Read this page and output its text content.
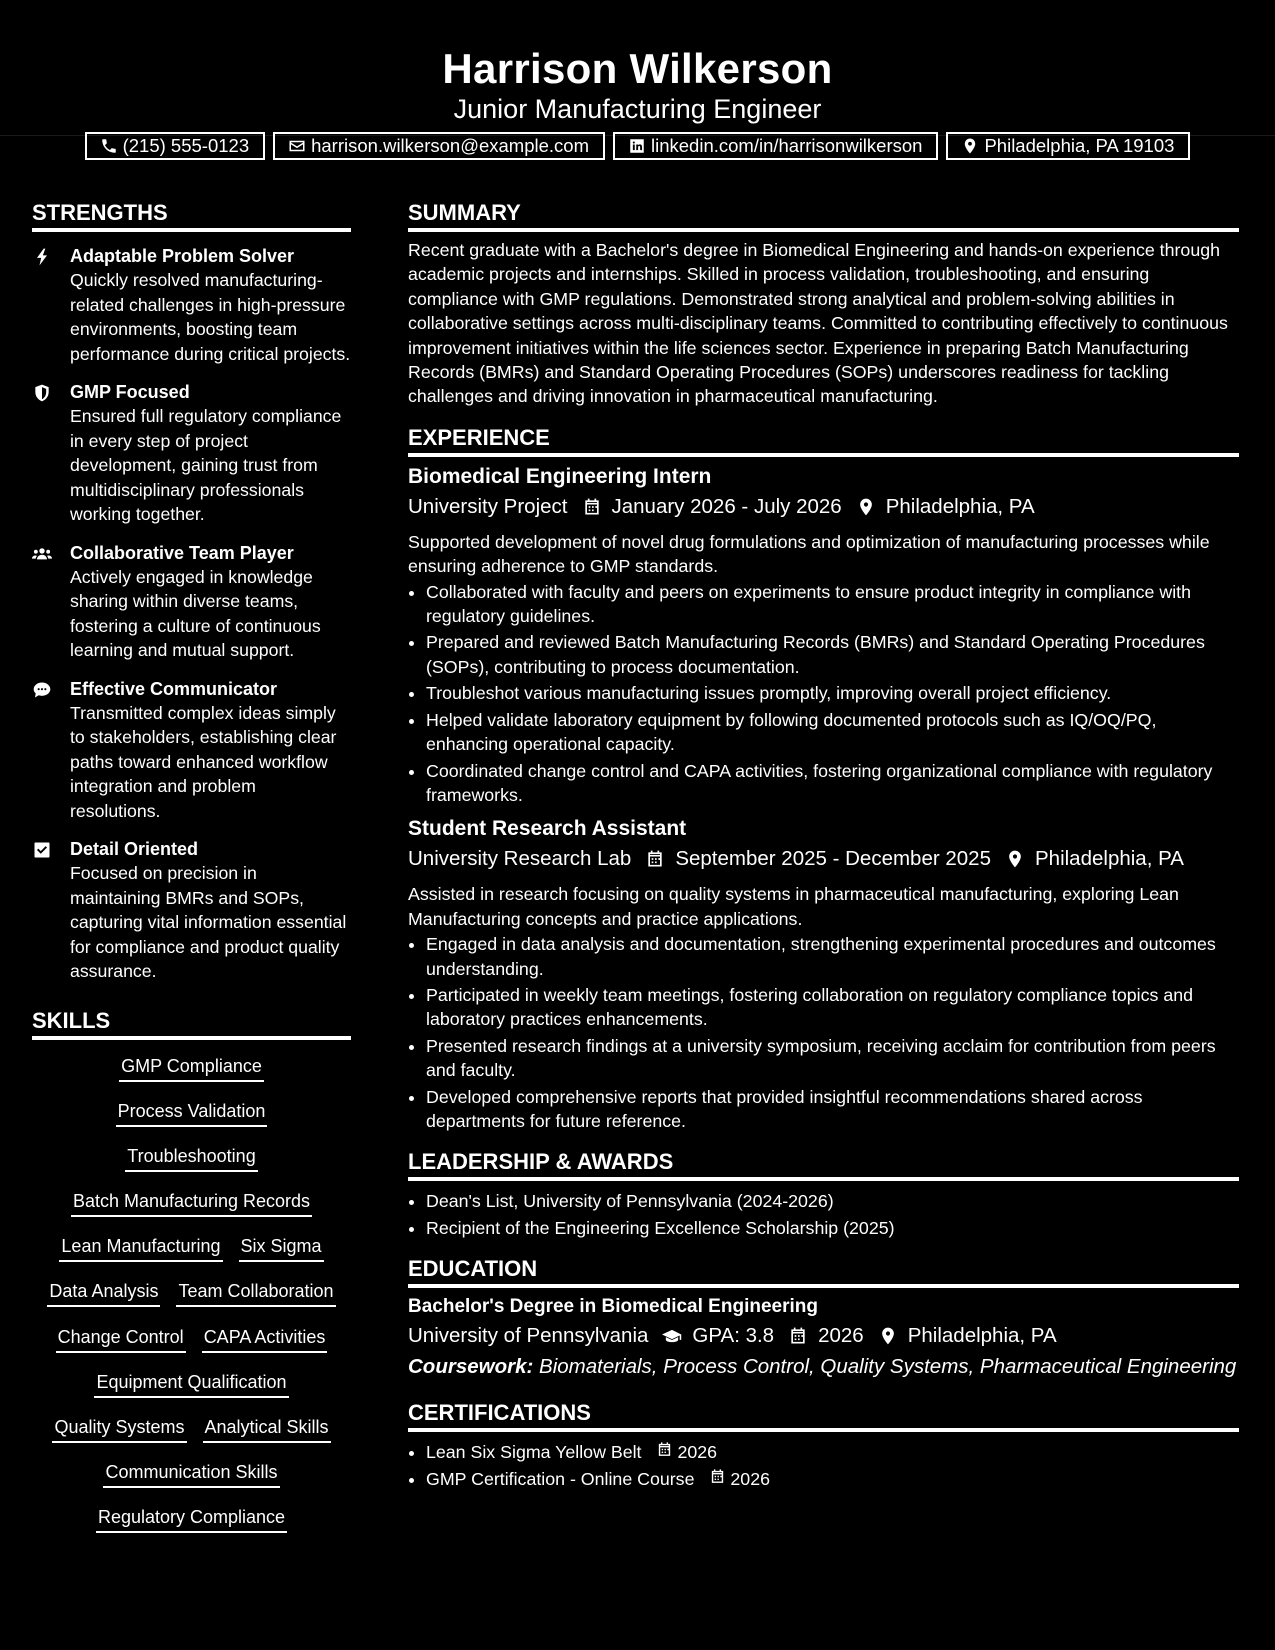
Harrison Wilkerson
Junior Manufacturing Engineer
(215) 555-0123	harrison.wilkerson@example.com	linkedin.com/in/harrisonwilkerson	Philadelphia, PA 19103
STRENGTHS
Adaptable Problem Solver
Quickly resolved manufacturing-related challenges in high-pressure environments, boosting team performance during critical projects.
GMP Focused
Ensured full regulatory compliance in every step of project development, gaining trust from multidisciplinary professionals working together.
Collaborative Team Player
Actively engaged in knowledge sharing within diverse teams, fostering a culture of continuous learning and mutual support.
Effective Communicator
Transmitted complex ideas simply to stakeholders, establishing clear paths toward enhanced workflow integration and problem resolutions.
Detail Oriented
Focused on precision in maintaining BMRs and SOPs, capturing vital information essential for compliance and product quality assurance.
SKILLS
GMP Compliance
Process Validation
Troubleshooting
Batch Manufacturing Records
Lean Manufacturing Six Sigma
Data Analysis Team Collaboration
Change Control CAPA Activities
Equipment Qualification
Quality Systems Analytical Skills
Communication Skills
Regulatory Compliance
SUMMARY

Recent graduate with a Bachelor's degree in Biomedical Engineering and hands-on experience through academic projects and internships. Skilled in process validation, troubleshooting, and ensuring compliance with GMP regulations. Demonstrated strong analytical and problem-solving abilities in collaborative settings across multi-disciplinary teams. Committed to contributing effectively to continuous improvement initiatives within the life sciences sector. Experience in preparing Batch Manufacturing Records (BMRs) and Standard Operating Procedures (SOPs) underscores readiness for tackling challenges and driving innovation in pharmaceutical manufacturing.

EXPERIENCE
Biomedical Engineering Intern
University Project January 2026 - July 2026 Philadelphia, PA
Supported development of novel drug formulations and optimization of manufacturing processes while ensuring adherence to GMP standards.
• Collaborated with faculty and peers on experiments to ensure product integrity in compliance with regulatory guidelines.
• Prepared and reviewed Batch Manufacturing Records (BMRs) and Standard Operating Procedures (SOPs), contributing to process documentation.
• Troubleshot various manufacturing issues promptly, improving overall project efficiency.
• Helped validate laboratory equipment by following documented protocols such as IQ/OQ/PQ, enhancing operational capacity.
• Coordinated change control and CAPA activities, fostering organizational compliance with regulatory frameworks.
Student Research Assistant
University Research Lab September 2025 - December 2025 Philadelphia, PA
Assisted in research focusing on quality systems in pharmaceutical manufacturing, exploring Lean Manufacturing concepts and practice applications.
• Engaged in data analysis and documentation, strengthening experimental procedures and outcomes understanding.
• Participated in weekly team meetings, fostering collaboration on regulatory compliance topics and laboratory practices enhancements.
• Presented research findings at a university symposium, receiving acclaim for contribution from peers and faculty.
• Developed comprehensive reports that provided insightful recommendations shared across departments for future reference.
LEADERSHIP & AWARDS
• Dean's List, University of Pennsylvania (2024-2026)
• Recipient of the Engineering Excellence Scholarship (2025)
EDUCATION
Bachelor's Degree in Biomedical Engineering
University of Pennsylvania GPA: 3.8 2026 Philadelphia, PA
Coursework: Biomaterials, Process Control, Quality Systems, Pharmaceutical Engineering
CERTIFICATIONS
• Lean Six Sigma Yellow Belt 2026
• GMP Certification - Online Course 2026
